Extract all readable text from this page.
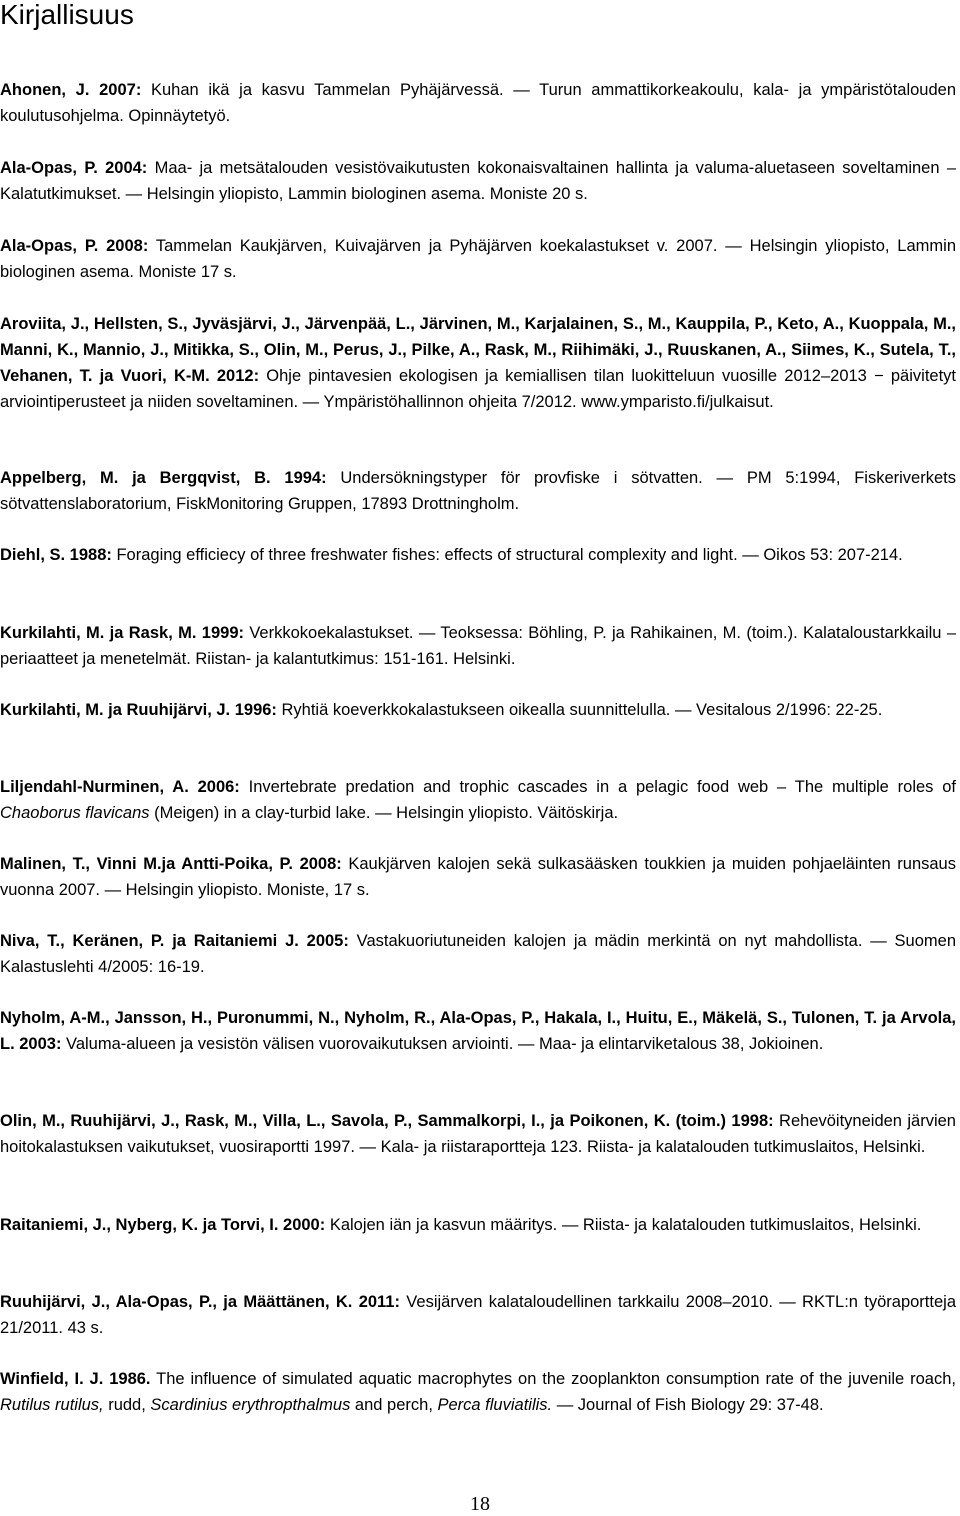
Kirjallisuus

Ahonen, J. 2007: Kuhan ikä ja kasvu Tammelan Pyhäjärvessä. — Turun ammattikorkeakoulu, kala- ja ympäristötalouden koulutusohjelma. Opinnäytetyö.

Ala-Opas, P. 2004: Maa- ja metsätalouden vesistövaikutusten kokonaisvaltainen hallinta ja valuma-aluetaseen soveltaminen – Kalatutkimukset. — Helsingin yliopisto, Lammin biologinen asema. Moniste 20 s.

Ala-Opas, P. 2008: Tammelan Kaukjärven, Kuivajärven ja Pyhäjärven koekalastukset v. 2007. — Helsingin yliopisto, Lammin biologinen asema. Moniste 17 s.

Aroviita, J., Hellsten, S., Jyväsjärvi, J., Järvenpää, L., Järvinen, M., Karjalainen, S., M., Kauppila, P., Keto, A., Kuoppala, M., Manni, K., Mannio, J., Mitikka, S., Olin, M., Perus, J., Pilke, A., Rask, M., Riihimäki, J., Ruuskanen, A., Siimes, K., Sutela, T., Vehanen, T. ja Vuori, K-M. 2012: Ohje pintavesien ekologisen ja kemiallisen tilan luokitteluun vuosille 2012–2013 − päivitetyt arviointiperusteet ja niiden soveltaminen. — Ympäristöhallinnon ohjeita 7/2012. www.ymparisto.fi/julkaisut.

Appelberg, M. ja Bergqvist, B. 1994: Undersökningstyper för provfiske i sötvatten. — PM 5:1994, Fiskeriverkets sötvattenslaboratorium, FiskMonitoring Gruppen, 17893 Drottningholm.

Diehl, S. 1988: Foraging efficiecy of three freshwater fishes: effects of structural complexity and light. — Oikos 53: 207-214.

Kurkilahti, M. ja Rask, M. 1999: Verkkokoekalastukset. — Teoksessa: Böhling, P. ja Rahikainen, M. (toim.). Kalataloustarkkailu – periaatteet ja menetelmät. Riistan- ja kalantutkimus: 151-161. Helsinki.

Kurkilahti, M. ja Ruuhijärvi, J. 1996: Ryhtiä koeverkkokalastukseen oikealla suunnittelulla. — Vesitalous 2/1996: 22-25.

Liljendahl-Nurminen, A. 2006: Invertebrate predation and trophic cascades in a pelagic food web – The multiple roles of Chaoborus flavicans (Meigen) in a clay-turbid lake. — Helsingin yliopisto. Väitöskirja.

Malinen, T., Vinni M.ja Antti-Poika, P. 2008: Kaukjärven kalojen sekä sulkasääsken toukkien ja muiden pohjaeläinten runsaus vuonna 2007. — Helsingin yliopisto. Moniste, 17 s.

Niva, T., Keränen, P. ja Raitaniemi J. 2005: Vastakuoriutuneiden kalojen ja mädin merkintä on nyt mahdollista. — Suomen Kalastuslehti 4/2005: 16-19.

Nyholm, A-M., Jansson, H., Puronummi, N., Nyholm, R., Ala-Opas, P., Hakala, I., Huitu, E., Mäkelä, S., Tulonen, T. ja Arvola, L. 2003: Valuma-alueen ja vesistön välisen vuorovaikutuksen arviointi. — Maa- ja elintarviketalous 38, Jokioinen.

Olin, M., Ruuhijärvi, J., Rask, M., Villa, L., Savola, P., Sammalkorpi, I., ja Poikonen, K. (toim.) 1998: Rehevöityneiden järvien hoitokalastuksen vaikutukset, vuosiraportti 1997. — Kala- ja riistaraportteja 123. Riista- ja kalatalouden tutkimuslaitos, Helsinki.

Raitaniemi, J., Nyberg, K. ja Torvi, I. 2000: Kalojen iän ja kasvun määritys. — Riista- ja kalatalouden tutkimuslaitos, Helsinki.

Ruuhijärvi, J., Ala-Opas, P., ja Määttänen, K. 2011: Vesijärven kalataloudellinen tarkkailu 2008–2010. — RKTL:n työraportteja 21/2011. 43 s.

Winfield, I. J. 1986. The influence of simulated aquatic macrophytes on the zooplankton consumption rate of the juvenile roach, Rutilus rutilus, rudd, Scardinius erythropthalmus and perch, Perca fluviatilis. — Journal of Fish Biology 29: 37-48.

18
